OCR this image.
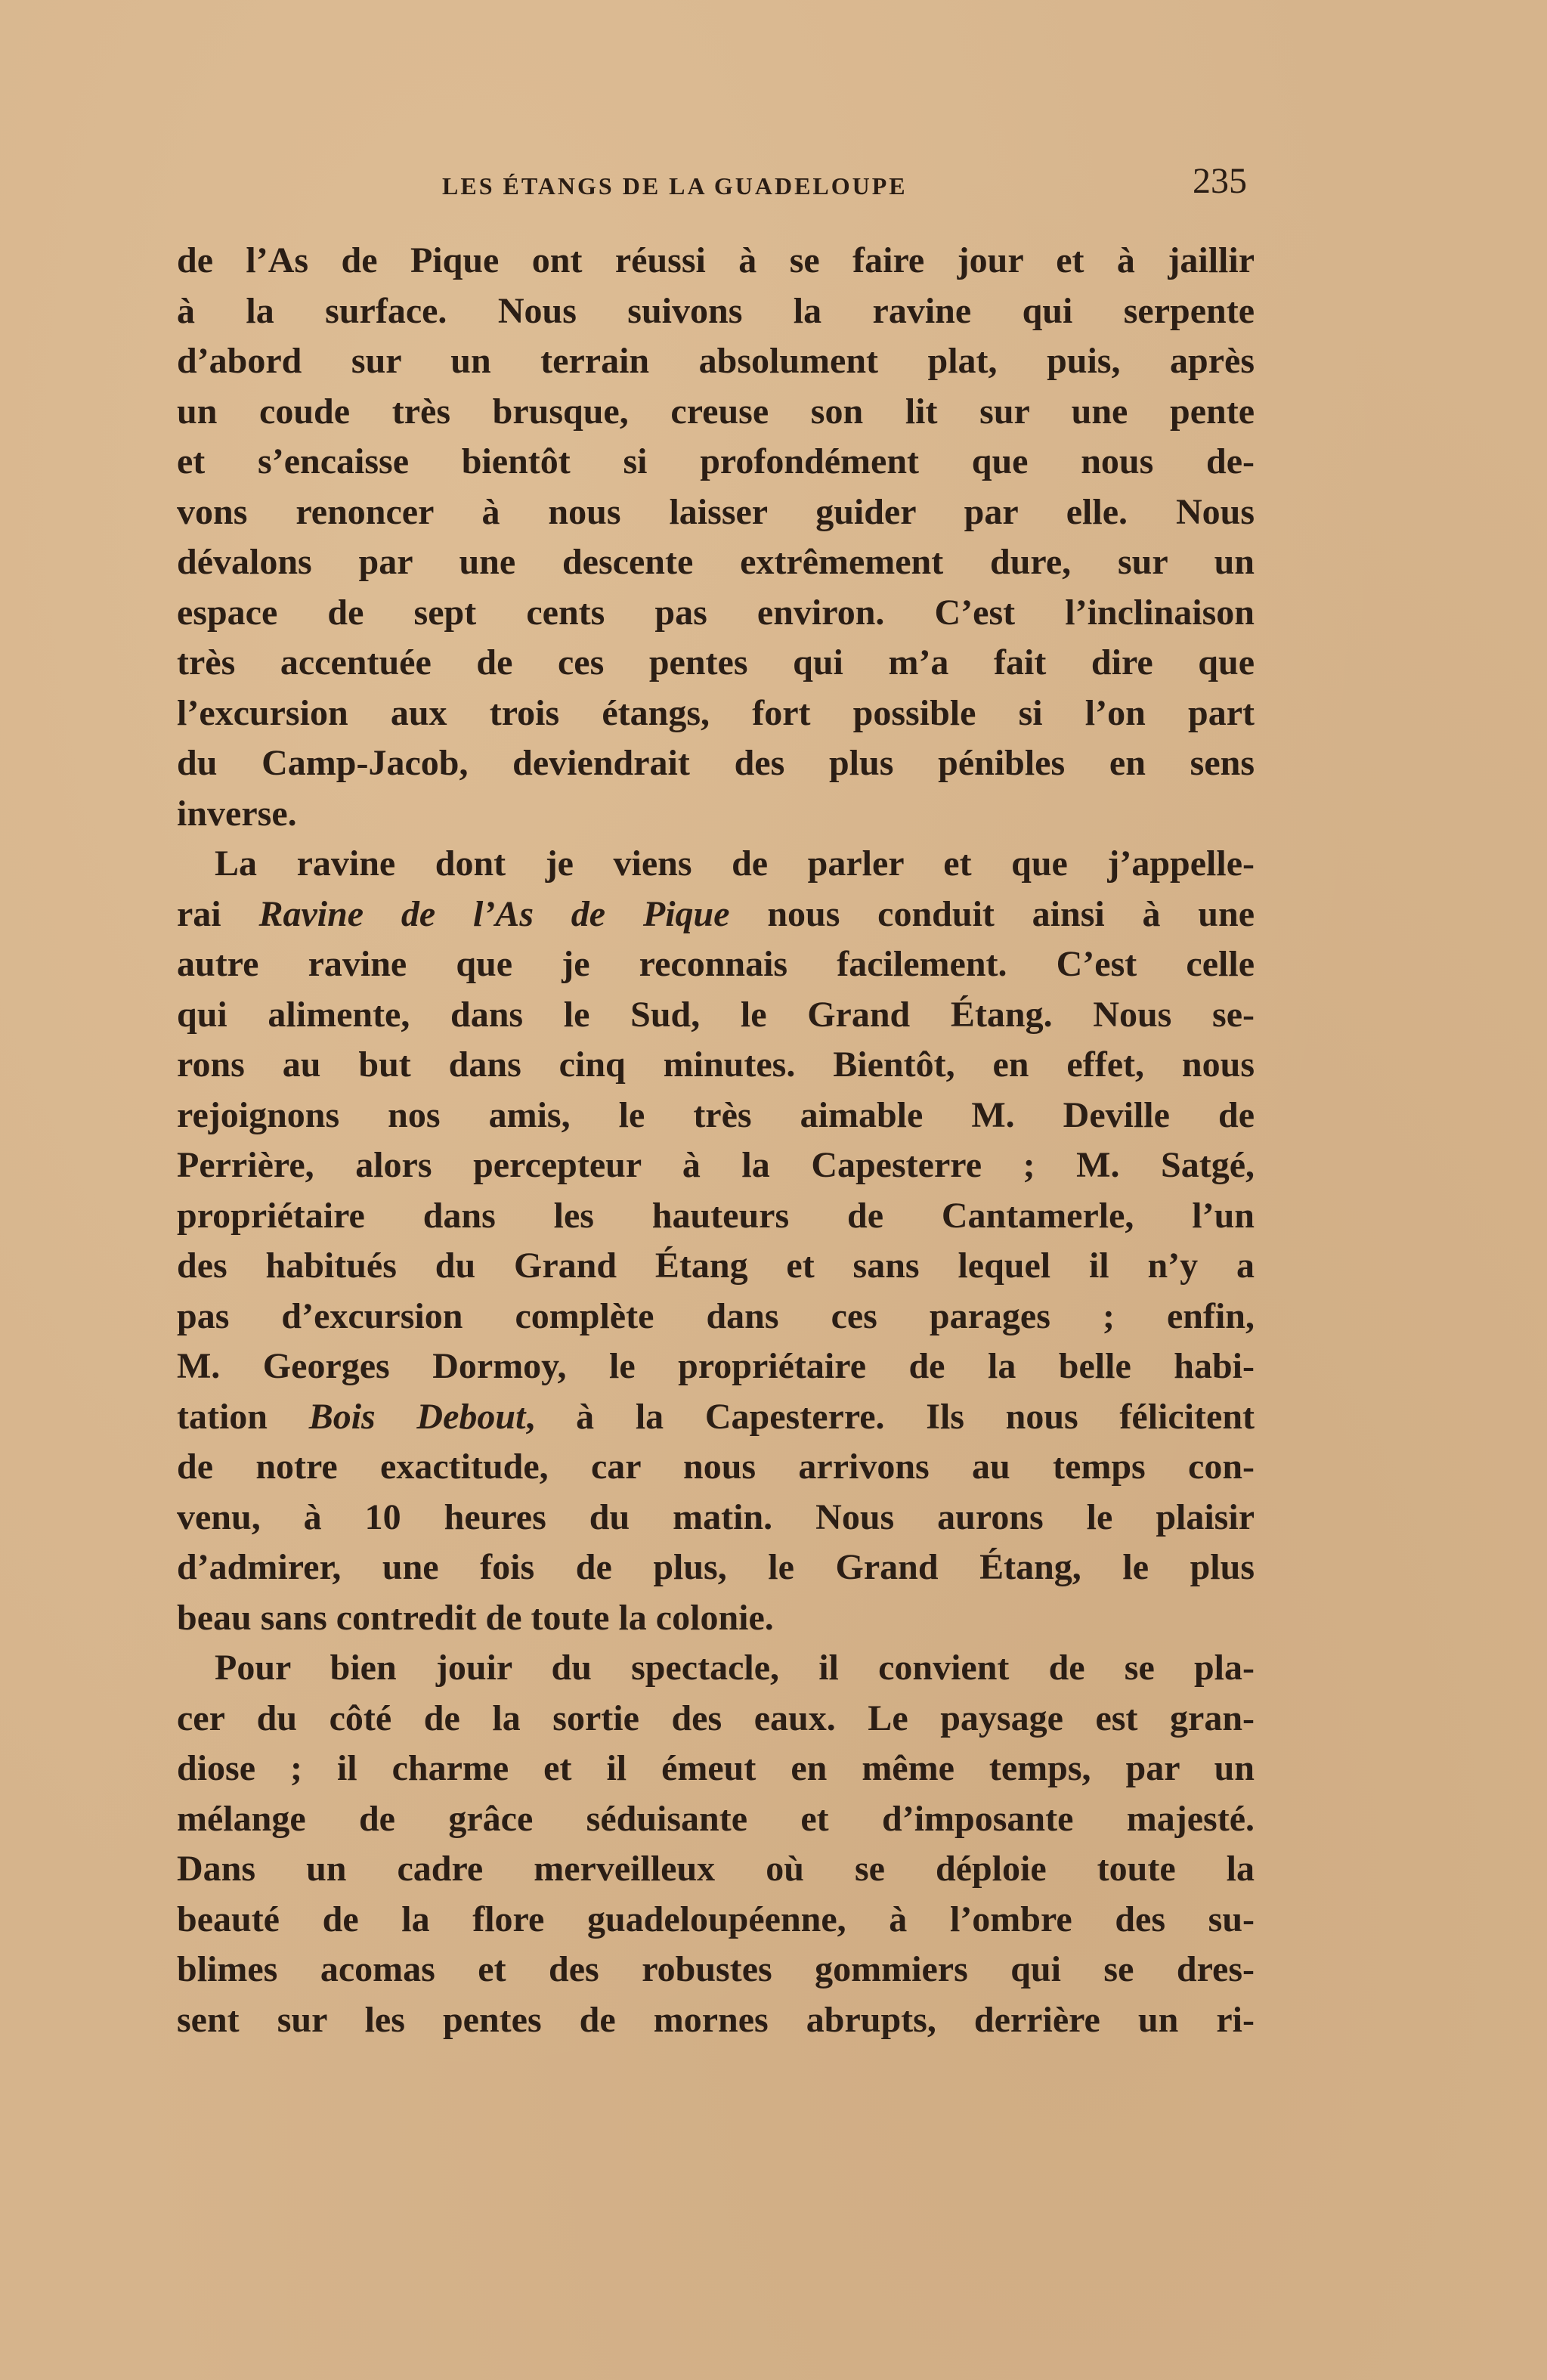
LES ÉTANGS DE LA GUADELOUPE	235
de l’As de Pique ont réussi à se faire jour et à jaillir
à la surface. Nous suivons la ravine qui serpente
d’abord sur un terrain absolument plat, puis, après
un coude très brusque, creuse son lit sur une pente
et s’encaisse bientôt si profondément que nous de-
vons renoncer à nous laisser guider par elle. Nous
dévalons par une descente extrêmement dure, sur un
espace de sept cents pas environ. C’est l’inclinaison
très accentuée de ces pentes qui m’a fait dire que
l’excursion aux trois étangs, fort possible si l’on part
du Camp-Jacob, deviendrait des plus pénibles en sens
inverse.
La ravine dont je viens de parler et que j’appelle-
rai Ravine de l’As de Pique nous conduit ainsi à une
autre ravine que je reconnais facilement. C’est celle
qui alimente, dans le Sud, le Grand Étang. Nous se-
rons au but dans cinq minutes. Bientôt, en effet, nous
rejoignons nos amis, le très aimable M. Deville de
Perrière, alors percepteur à la Capesterre ; M. Satgé,
propriétaire dans les hauteurs de Cantamerle, l’un
des habitués du Grand Étang et sans lequel il n’y a
pas d’excursion complète dans ces parages ; enfin,
M. Georges Dormoy, le propriétaire de la belle habi-
tation Bois Debout, à la Capesterre. Ils nous félicitent
de notre exactitude, car nous arrivons au temps con-
venu, à 10 heures du matin. Nous aurons le plaisir
d’admirer, une fois de plus, le Grand Étang, le plus
beau sans contredit de toute la colonie.
Pour bien jouir du spectacle, il convient de se pla-
cer du côté de la sortie des eaux. Le paysage est gran-
diose ; il charme et il émeut en même temps, par un
mélange de grâce séduisante et d’imposante majesté.
Dans un cadre merveilleux où se déploie toute la
beauté de la flore guadeloupéenne, à l’ombre des su-
blimes acomas et des robustes gommiers qui se dres-
sent sur les pentes de mornes abrupts, derrière un ri-
